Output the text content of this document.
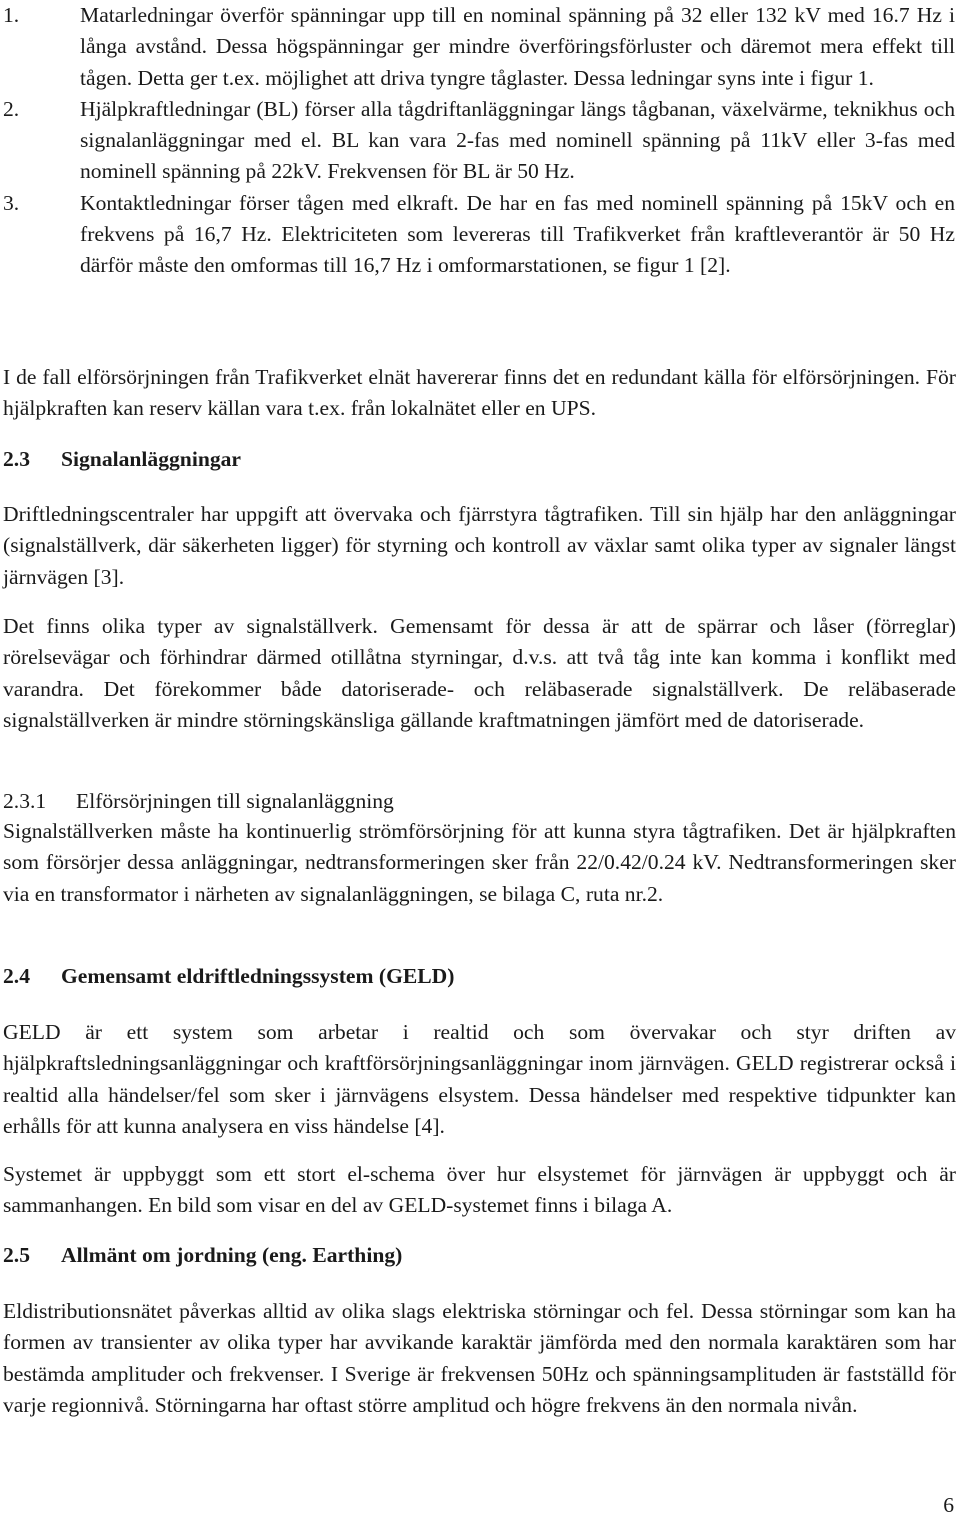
1.	Matarledningar överför spänningar upp till en nominal spänning på 32 eller 132 kV med 16.7 Hz i långa avstånd. Dessa högspänningar ger mindre överföringsförluster och däremot mera effekt till tågen. Detta ger t.ex. möjlighet att driva tyngre tåglaster. Dessa ledningar syns inte i figur 1.
2.	Hjälpkraftledningar (BL) förser alla tågdriftanläggningar längs tågbanan, växelvärme, teknikhus och signalanläggningar med el. BL kan vara 2-fas med nominell spänning på 11kV eller 3-fas med nominell spänning på 22kV. Frekvensen för BL är 50 Hz.
3.	Kontaktledningar förser tågen med elkraft. De har en fas med nominell spänning på 15kV och en frekvens på 16,7 Hz. Elektriciteten som levereras till Trafikverket från kraftleverantör är 50 Hz därför måste den omformas till 16,7 Hz i omformarstationen, se figur 1 [2].

I de fall elförsörjningen från Trafikverket elnät havererar finns det en redundant källa för elförsörjningen. För hjälpkraften kan reserv källan vara t.ex. från lokalnätet eller en UPS.

2.3 Signalanläggningar

Driftledningscentraler har uppgift att övervaka och fjärrstyra tågtrafiken. Till sin hjälp har den anläggningar (signalställverk, där säkerheten ligger) för styrning och kontroll av växlar samt olika typer av signaler längst järnvägen [3].

Det finns olika typer av signalställverk. Gemensamt för dessa är att de spärrar och låser (förreglar) rörelsevägar och förhindrar därmed otillåtna styrningar, d.v.s. att två tåg inte kan komma i konflikt med varandra. Det förekommer både datoriserade- och reläbaserade signalställverk. De reläbaserade signalställverken är mindre störningskänsliga gällande kraftmatningen jämfört med de datoriserade.

2.3.1 Elförsörjningen till signalanläggning

Signalställverken måste ha kontinuerlig strömförsörjning för att kunna styra tågtrafiken. Det är hjälpkraften som försörjer dessa anläggningar, nedtransformeringen sker från 22/0.42/0.24 kV. Nedtransformeringen sker via en transformator i närheten av signalanläggningen, se bilaga C, ruta nr.2.

2.4 Gemensamt eldriftledningssystem (GELD)

GELD är ett system som arbetar i realtid och som övervakar och styr driften av hjälpkraftsledningsanläggningar och kraftförsörjningsanläggningar inom järnvägen. GELD registrerar också i realtid alla händelser/fel som sker i järnvägens elsystem. Dessa händelser med respektive tidpunkter kan erhålls för att kunna analysera en viss händelse [4].

Systemet är uppbyggt som ett stort el-schema över hur elsystemet för järnvägen är uppbyggt och är sammanhangen. En bild som visar en del av GELD-systemet finns i bilaga A.

2.5 Allmänt om jordning (eng. Earthing)

Eldistributionsnätet påverkas alltid av olika slags elektriska störningar och fel. Dessa störningar som kan ha formen av transienter av olika typer har avvikande karaktär jämförda med den normala karaktären som har bestämda amplituder och frekvenser. I Sverige är frekvensen 50Hz och spänningsamplituden är fastställd för varje regionnivå. Störningarna har oftast större amplitud och högre frekvens än den normala nivån.

6
